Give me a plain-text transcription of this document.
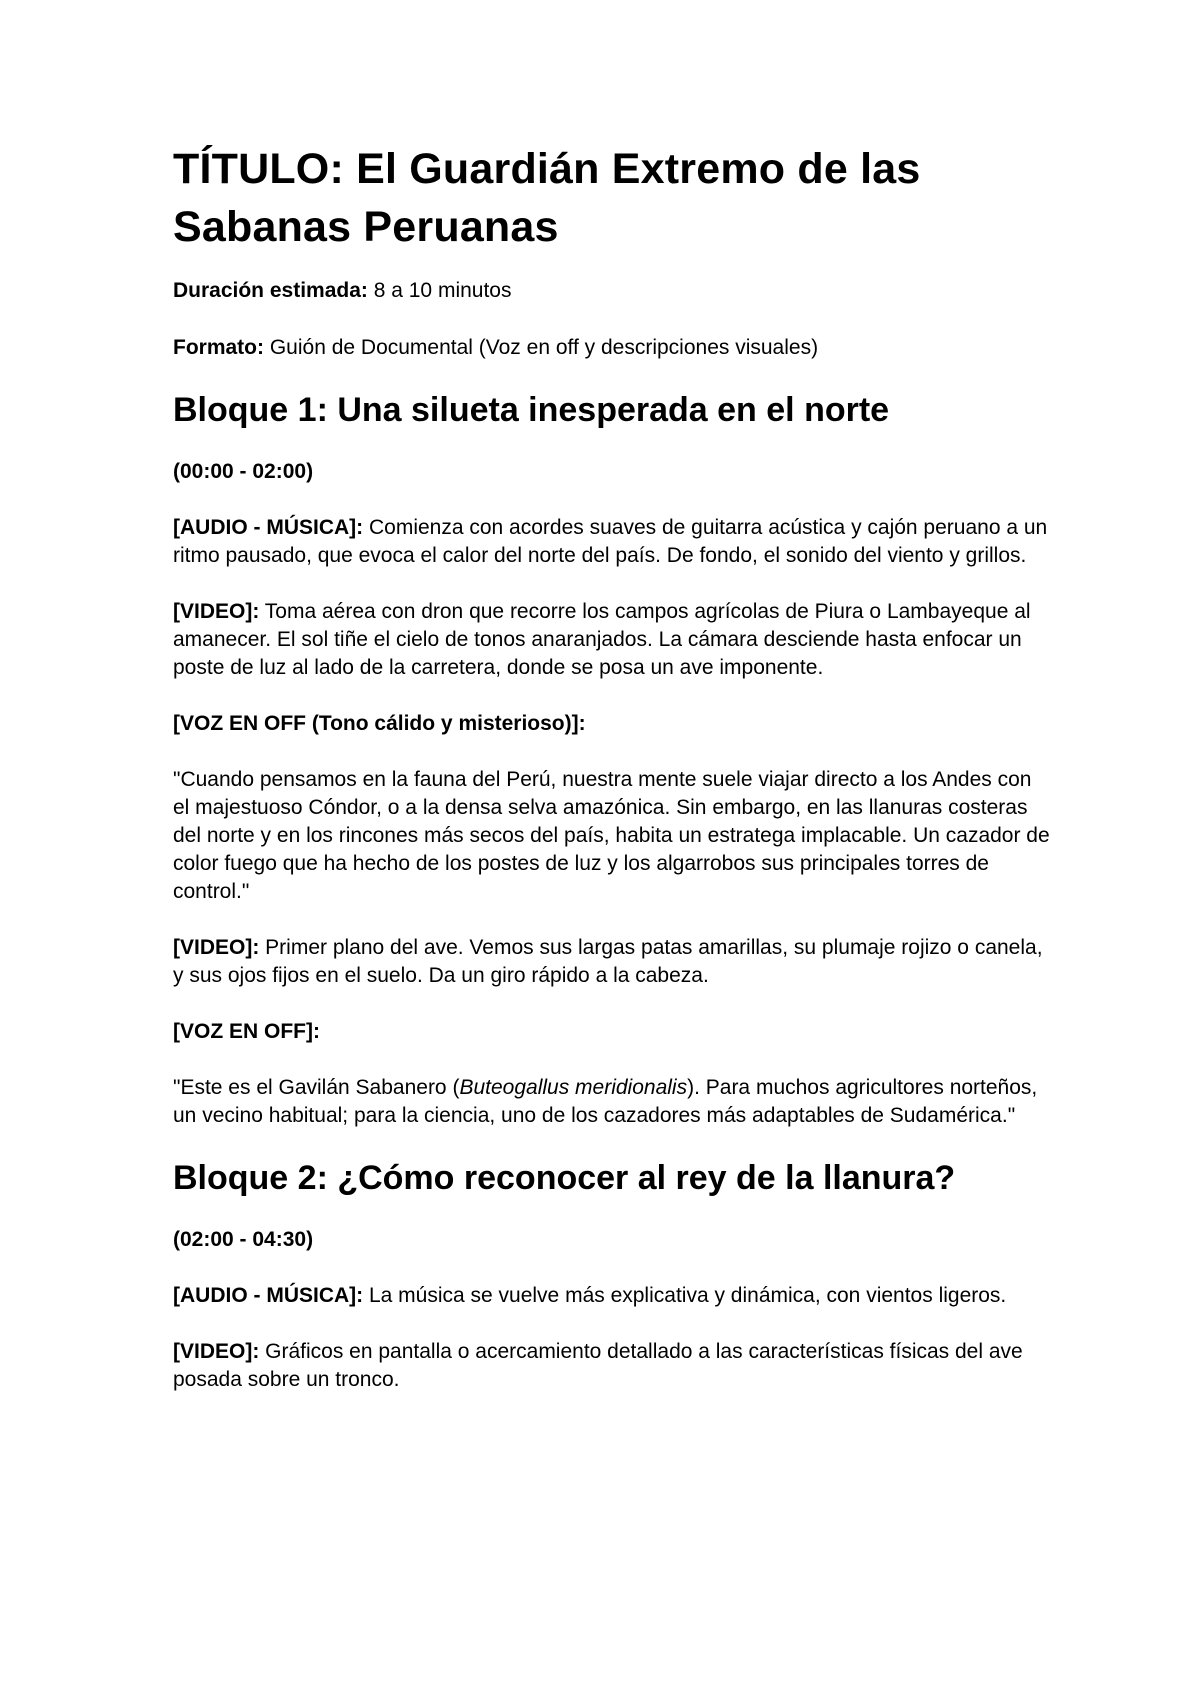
TÍTULO: El Guardián Extremo de las Sabanas Peruanas

Duración estimada: 8 a 10 minutos

Formato: Guión de Documental (Voz en off y descripciones visuales)

Bloque 1: Una silueta inesperada en el norte

(00:00 - 02:00)

[AUDIO - MÚSICA]: Comienza con acordes suaves de guitarra acústica y cajón peruano a un ritmo pausado, que evoca el calor del norte del país. De fondo, el sonido del viento y grillos.

[VIDEO]: Toma aérea con dron que recorre los campos agrícolas de Piura o Lambayeque al amanecer. El sol tiñe el cielo de tonos anaranjados. La cámara desciende hasta enfocar un poste de luz al lado de la carretera, donde se posa un ave imponente.

[VOZ EN OFF (Tono cálido y misterioso)]:

"Cuando pensamos en la fauna del Perú, nuestra mente suele viajar directo a los Andes con el majestuoso Cóndor, o a la densa selva amazónica. Sin embargo, en las llanuras costeras del norte y en los rincones más secos del país, habita un estratega implacable. Un cazador de color fuego que ha hecho de los postes de luz y los algarrobos sus principales torres de control."

[VIDEO]: Primer plano del ave. Vemos sus largas patas amarillas, su plumaje rojizo o canela, y sus ojos fijos en el suelo. Da un giro rápido a la cabeza.

[VOZ EN OFF]:

"Este es el Gavilán Sabanero (Buteogallus meridionalis). Para muchos agricultores norteños, un vecino habitual; para la ciencia, uno de los cazadores más adaptables de Sudamérica."

Bloque 2: ¿Cómo reconocer al rey de la llanura?

(02:00 - 04:30)

[AUDIO - MÚSICA]: La música se vuelve más explicativa y dinámica, con vientos ligeros.

[VIDEO]: Gráficos en pantalla o acercamiento detallado a las características físicas del ave posada sobre un tronco.
